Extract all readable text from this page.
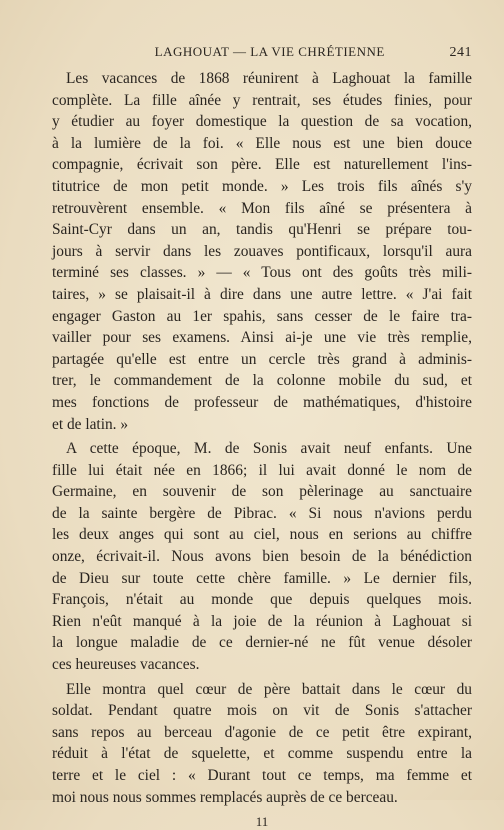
LAGHOUAT — LA VIE CHRÉTIENNE	241

Les vacances de 1868 réunirent à Laghouat la famille
complète. La fille aînée y rentrait, ses études finies, pour
y étudier au foyer domestique la question de sa vocation,
à la lumière de la foi. « Elle nous est une bien douce
compagnie, écrivait son père. Elle est naturellement l'ins-
titutrice de mon petit monde. » Les trois fils aînés s'y
retrouvèrent ensemble. « Mon fils aîné se présentera à
Saint-Cyr dans un an, tandis qu'Henri se prépare tou-
jours à servir dans les zouaves pontificaux, lorsqu'il aura
terminé ses classes. » — « Tous ont des goûts très mili-
taires, » se plaisait-il à dire dans une autre lettre. « J'ai fait
engager Gaston au 1er spahis, sans cesser de le faire tra-
vailler pour ses examens. Ainsi ai-je une vie très remplie,
partagée qu'elle est entre un cercle très grand à adminis-
trer, le commandement de la colonne mobile du sud, et
mes fonctions de professeur de mathématiques, d'histoire
et de latin. »

A cette époque, M. de Sonis avait neuf enfants. Une
fille lui était née en 1866; il lui avait donné le nom de
Germaine, en souvenir de son pèlerinage au sanctuaire
de la sainte bergère de Pibrac. « Si nous n'avions perdu
les deux anges qui sont au ciel, nous en serions au chiffre
onze, écrivait-il. Nous avons bien besoin de la bénédiction
de Dieu sur toute cette chère famille. » Le dernier fils,
François, n'était au monde que depuis quelques mois.
Rien n'eût manqué à la joie de la réunion à Laghouat si
la longue maladie de ce dernier-né ne fût venue désoler
ces heureuses vacances.

Elle montra quel cœur de père battait dans le cœur du
soldat. Pendant quatre mois on vit de Sonis s'attacher
sans repos au berceau d'agonie de ce petit être expirant,
réduit à l'état de squelette, et comme suspendu entre la
terre et le ciel : « Durant tout ce temps, ma femme et
moi nous nous sommes remplacés auprès de ce berceau.

11
